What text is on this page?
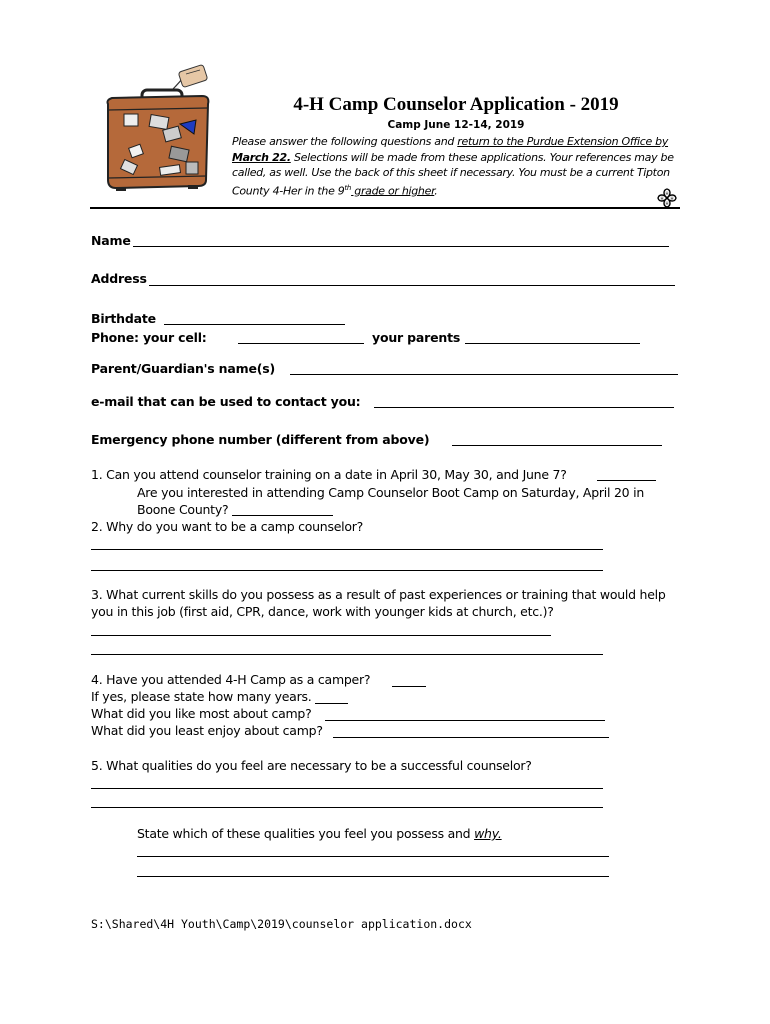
4-H Camp Counselor Application - 2019
Camp June 12-14, 2019
Please answer the following questions and return to the Purdue Extension Office by March 22. Selections will be made from these applications. Your references may be called, as well. Use the back of this sheet if necessary. You must be a current Tipton County 4-Her in the 9th grade or higher.	H
H
H H
Name
Address
Birthdate
Phone: your cell:	your parents
Parent/Guardian's name(s)
e-mail that can be used to contact you:
Emergency phone number (different from above)
1. Can you attend counselor training on a date in April 30, May 30, and June 7?
Are you interested in attending Camp Counselor Boot Camp on Saturday, April 20 in
Boone County?
2. Why do you want to be a camp counselor?
3. What current skills do you possess as a result of past experiences or training that would help
you in this job (first aid, CPR, dance, work with younger kids at church, etc.)?
4. Have you attended 4-H Camp as a camper?
If yes, please state how many years.
What did you like most about camp?
What did you least enjoy about camp?
5. What qualities do you feel are necessary to be a successful counselor?
State which of these qualities you feel you possess and why.
S:\Shared\4H Youth\Camp\2019\counselor application.docx
